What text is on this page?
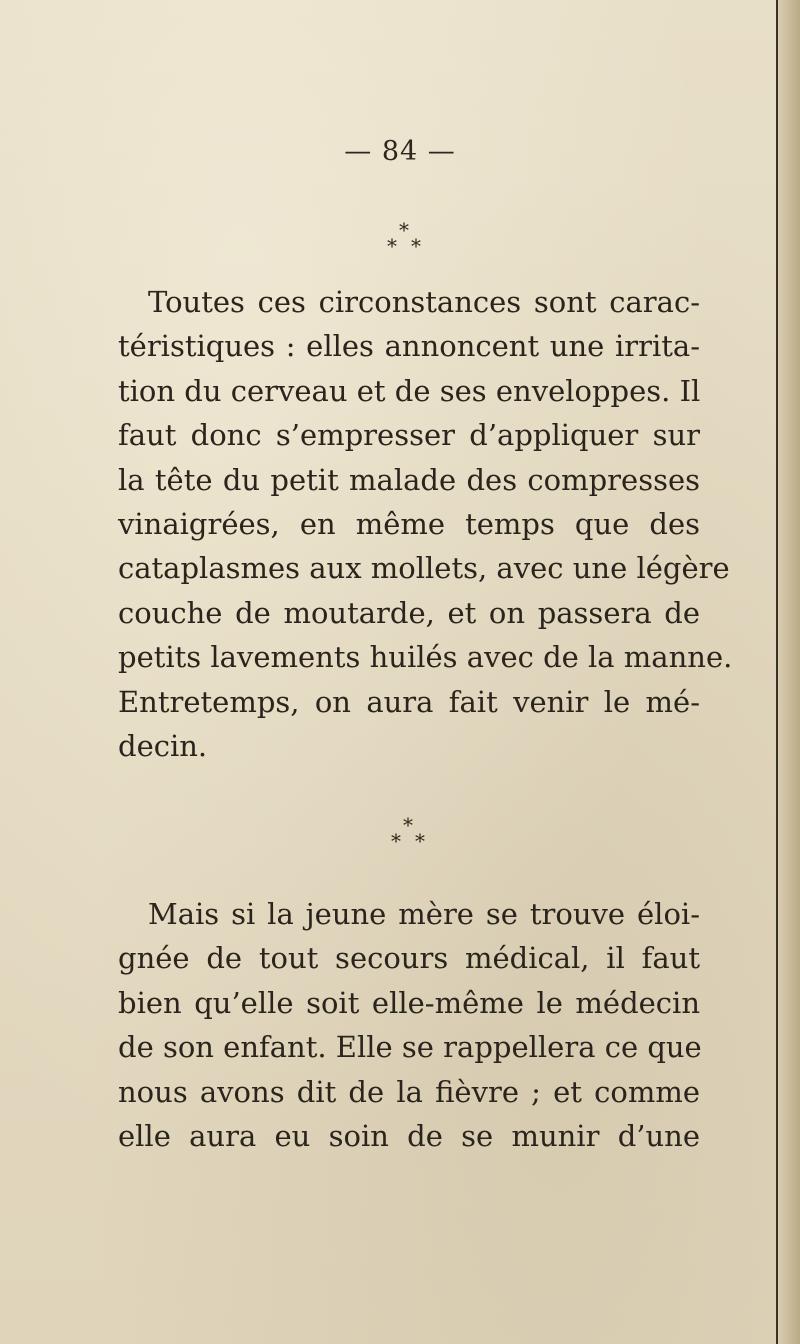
— 84 —
*
* *
Toutes ces circonstances sont carac-
téristiques : elles annoncent une irrita-
tion du cerveau et de ses enveloppes. Il
faut donc s’empresser d’appliquer sur
la tête du petit malade des compresses
vinaigrées, en même temps que des
cataplasmes aux mollets, avec une légère
couche de moutarde, et on passera de
petits lavements huilés avec de la manne.
Entretemps, on aura fait venir le mé-
decin.
*
* *
Mais si la jeune mère se trouve éloi-
gnée de tout secours médical, il faut
bien qu’elle soit elle-même le médecin
de son enfant. Elle se rappellera ce que
nous avons dit de la fièvre ; et comme
elle aura eu soin de se munir d’une
